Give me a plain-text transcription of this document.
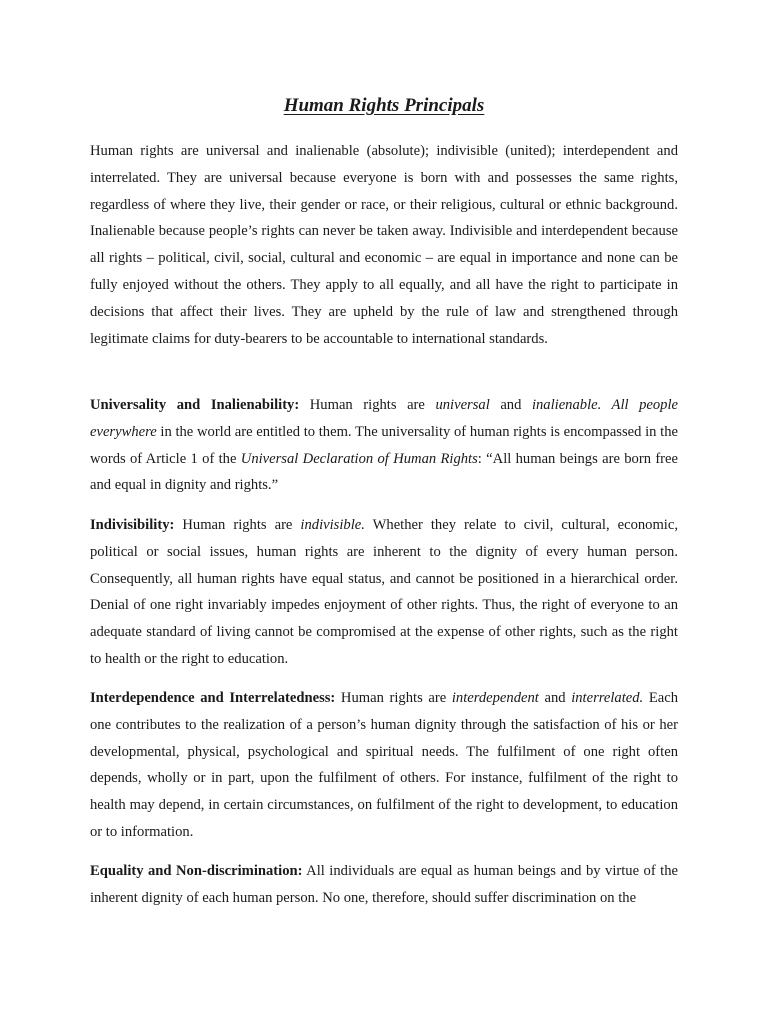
Human Rights Principals
Human rights are universal and inalienable (absolute); indivisible (united); interdependent and interrelated. They are universal because everyone is born with and possesses the same rights, regardless of where they live, their gender or race, or their religious, cultural or ethnic background. Inalienable because people’s rights can never be taken away. Indivisible and interdependent because all rights – political, civil, social, cultural and economic – are equal in importance and none can be fully enjoyed without the others. They apply to all equally, and all have the right to participate in decisions that affect their lives. They are upheld by the rule of law and strengthened through legitimate claims for duty-bearers to be accountable to international standards.
Universality and Inalienability: Human rights are universal and inalienable. All people everywhere in the world are entitled to them. The universality of human rights is encompassed in the words of Article 1 of the Universal Declaration of Human Rights: “All human beings are born free and equal in dignity and rights.”
Indivisibility: Human rights are indivisible. Whether they relate to civil, cultural, economic, political or social issues, human rights are inherent to the dignity of every human person. Consequently, all human rights have equal status, and cannot be positioned in a hierarchical order. Denial of one right invariably impedes enjoyment of other rights. Thus, the right of everyone to an adequate standard of living cannot be compromised at the expense of other rights, such as the right to health or the right to education.
Interdependence and Interrelatedness: Human rights are interdependent and interrelated. Each one contributes to the realization of a person’s human dignity through the satisfaction of his or her developmental, physical, psychological and spiritual needs. The fulfilment of one right often depends, wholly or in part, upon the fulfilment of others. For instance, fulfilment of the right to health may depend, in certain circumstances, on fulfilment of the right to development, to education or to information.
Equality and Non-discrimination: All individuals are equal as human beings and by virtue of the inherent dignity of each human person. No one, therefore, should suffer discrimination on the
